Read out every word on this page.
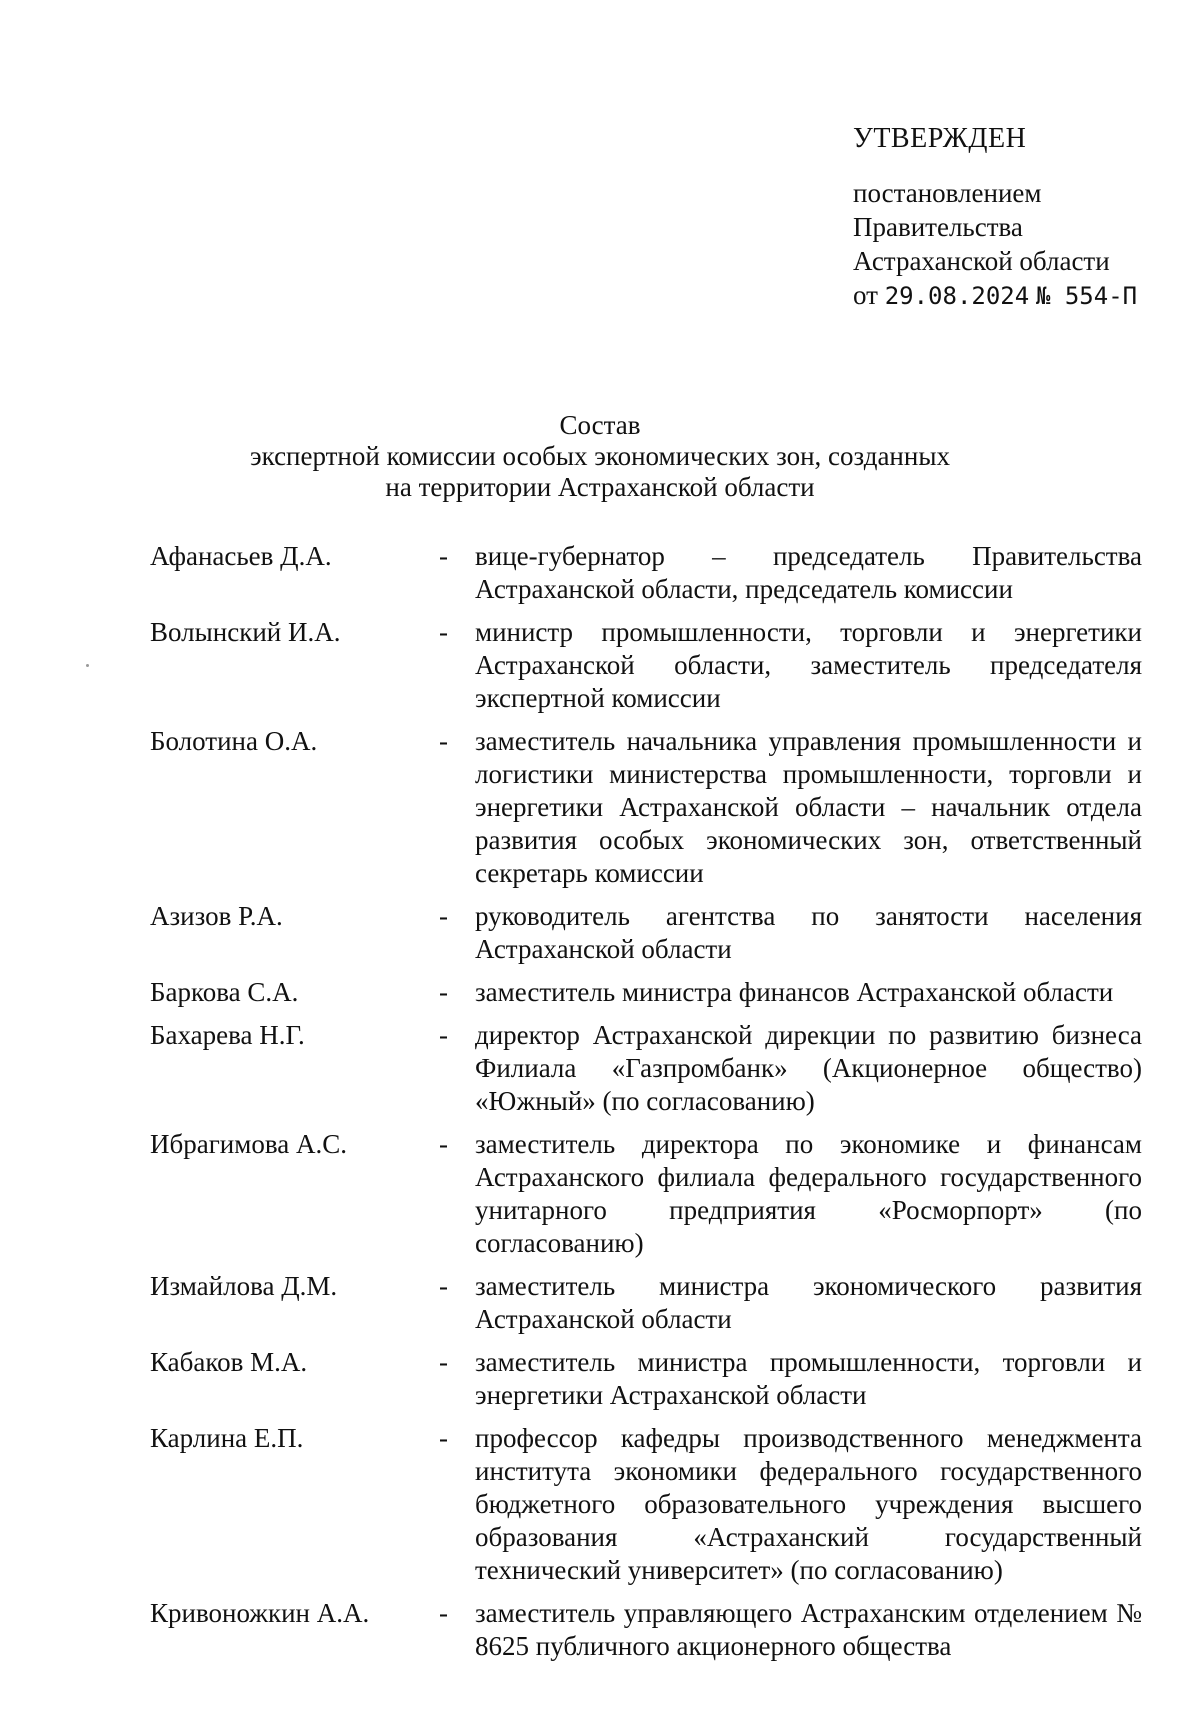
УТВЕРЖДЕН
постановлением
Правительства
Астраханской области
от 29.08.2024 № 554-П
Состав
экспертной комиссии особых экономических зон, созданных
на территории Астраханской области
Афанасьев Д.А.	-	вице-губернатор – председатель Правительства Астраханской области, председатель комиссии
Волынский И.А.	-	министр промышленности, торговли и энергетики Астраханской области, заместитель председателя экспертной комиссии
Болотина О.А.	-	заместитель начальника управления промышленности и логистики министерства промышленности, торговли и энергетики Астраханской области – начальник отдела развития особых экономических зон, ответственный секретарь комиссии
Азизов Р.А.	-	руководитель агентства по занятости населения Астраханской области
Баркова С.А.	-	заместитель министра финансов Астраханской области
Бахарева Н.Г.	-	директор Астраханской дирекции по развитию бизнеса Филиала «Газпромбанк» (Акционерное общество) «Южный» (по согласованию)
Ибрагимова А.С.	-	заместитель директора по экономике и финансам Астраханского филиала федерального государственного унитарного предприятия «Росморпорт» (по согласованию)
Измайлова Д.М.	-	заместитель министра экономического развития Астраханской области
Кабаков М.А.	-	заместитель министра промышленности, торговли и энергетики Астраханской области
Карлина Е.П.	-	профессор кафедры производственного менеджмента института экономики федерального государственного бюджетного образовательного учреждения высшего образования «Астраханский государственный технический университет» (по согласованию)
Кривоножкин А.А.	-	заместитель управляющего Астраханским отделением № 8625 публичного акционерного общества
